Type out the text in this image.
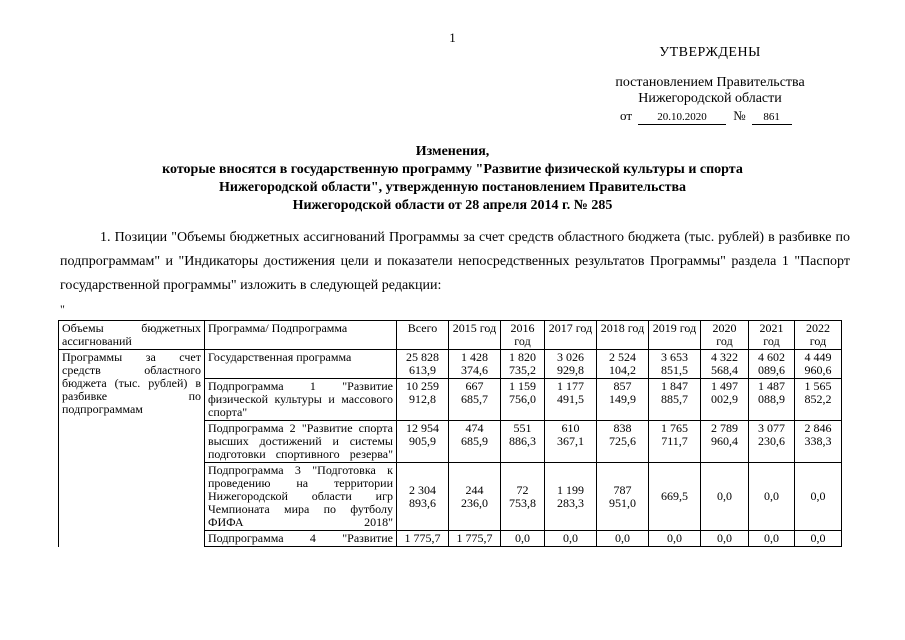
1
УТВЕРЖДЕНЫ
постановлением Правительства
Нижегородской области
от 20.10.2020 № 861
Изменения,
которые вносятся в государственную программу "Развитие физической культуры и спорта
Нижегородской области", утвержденную постановлением Правительства
Нижегородской области от 28 апреля 2014 г. № 285
1. Позиции "Объемы бюджетных ассигнований Программы за счет средств областного бюджета (тыс. рублей) в разбивке по подпрограммам" и "Индикаторы достижения цели и показатели непосредственных результатов Программы" раздела 1 "Паспорт государственной программы" изложить в следующей редакции:
"
Объемы бюджетных ассигнований	Программа/ Подпрограмма	Всего	2015 год	2016 год	2017 год	2018 год	2019 год	2020 год	2021 год	2022 год

Программы за счет средств областного бюджета (тыс. рублей) в разбивке по подпрограммам	Государственная программа	25 828 613,9	1 428 374,6	1 820 735,2	3 026 929,8	2 524 104,2	3 653 851,5	4 322 568,4	4 602 089,6	4 449 960,6

	Подпрограмма 1 "Развитие физической культуры и массового спорта"	10 259 912,8	667 685,7	1 159 756,0	1 177 491,5	857 149,9	1 847 885,7	1 497 002,9	1 487 088,9	1 565 852,2

	Подпрограмма 2 "Развитие спорта высших достижений и системы подготовки спортивного резерва"	12 954 905,9	474 685,9	551 886,3	610 367,1	838 725,6	1 765 711,7	2 789 960,4	3 077 230,6	2 846 338,3

	Подпрограмма 3 "Подготовка к проведению на территории Нижегородской области игр Чемпионата мира по футболу ФИФА 2018"	2 304 893,6	244 236,0	72 753,8	1 199 283,3	787 951,0	669,5	0,0	0,0	0,0

	Подпрограмма 4 "Развитие	1 775,7	1 775,7	0,0	0,0	0,0	0,0	0,0	0,0	0,0
